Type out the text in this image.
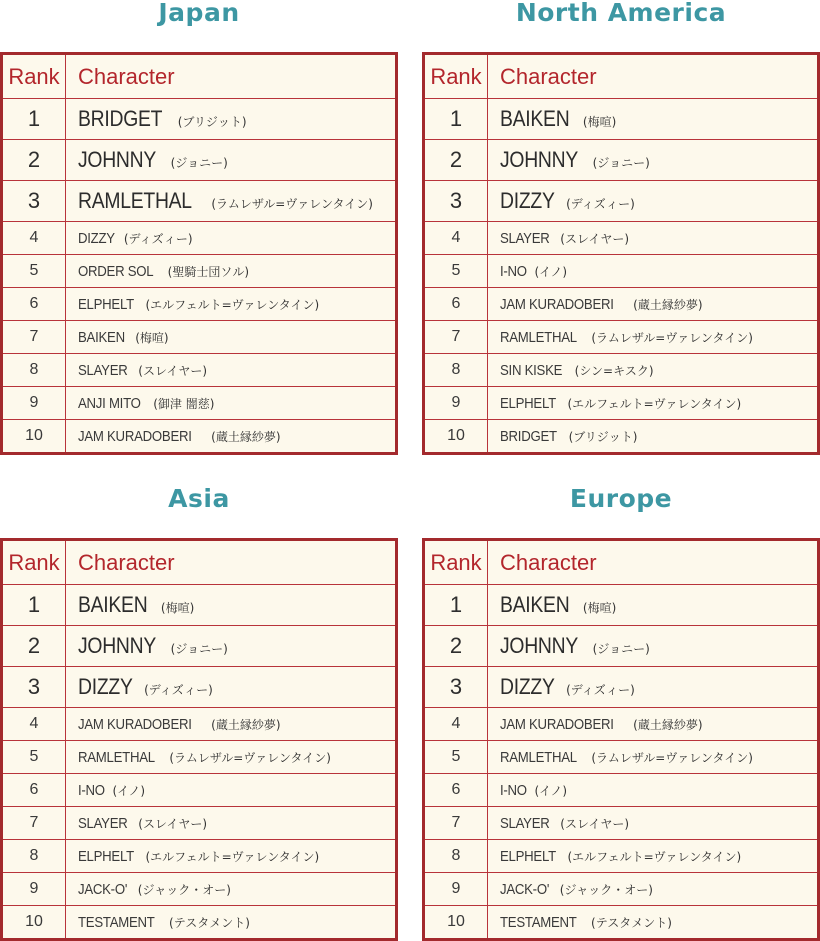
Japan
Rank Character
1	BRIDGET (ブリジット)
2	JOHNNY (ジョニー)
3	RAMLETHAL (ラムレザル=ヴァレンタイン)
4	DIZZY (ディズィー)
5	ORDER SOL (聖騎士団ソル)
6	ELPHELT (エルフェルト=ヴァレンタイン)
7	BAIKEN (梅喧)
8	SLAYER (スレイヤー)
9	ANJI MITO (御津 闇慈)
10	JAM KURADOBERI (蔵土縁紗夢)
North America
Rank Character
1	BAIKEN (梅喧)
2	JOHNNY (ジョニー)
3	DIZZY (ディズィー)
4	SLAYER (スレイヤー)
5	I-NO (イノ)
6	JAM KURADOBERI (蔵土縁紗夢)
7	RAMLETHAL (ラムレザル=ヴァレンタイン)
8	SIN KISKE (シン=キスク)
9	ELPHELT (エルフェルト=ヴァレンタイン)
10	BRIDGET (ブリジット)
Asia
Rank Character
1	BAIKEN (梅喧)
2	JOHNNY (ジョニー)
3	DIZZY (ディズィー)
4	JAM KURADOBERI (蔵土縁紗夢)
5	RAMLETHAL (ラムレザル=ヴァレンタイン)
6	I-NO (イノ)
7	SLAYER (スレイヤー)
8	ELPHELT (エルフェルト=ヴァレンタイン)
9	JACK-O' (ジャック・オー)
10	TESTAMENT (テスタメント)
Europe
Rank Character
1	BAIKEN (梅喧)
2	JOHNNY (ジョニー)
3	DIZZY (ディズィー)
4	JAM KURADOBERI (蔵土縁紗夢)
5	RAMLETHAL (ラムレザル=ヴァレンタイン)
6	I-NO (イノ)
7	SLAYER (スレイヤー)
8	ELPHELT (エルフェルト=ヴァレンタイン)
9	JACK-O' (ジャック・オー)
10	TESTAMENT (テスタメント)
